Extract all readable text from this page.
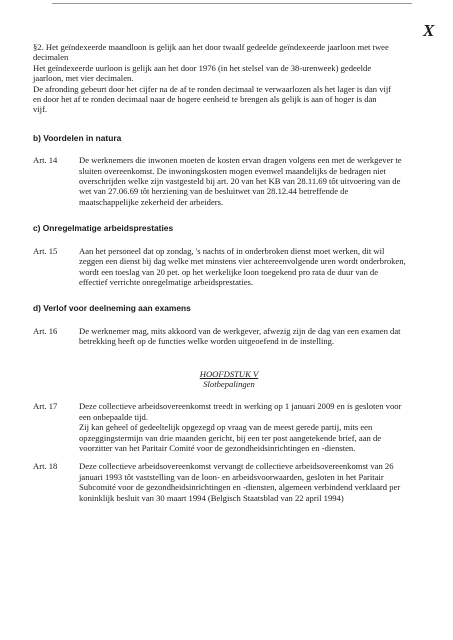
X

§2. Het geïndexeerde maandloon is gelijk aan het door twaalf gedeelde geïndexeerde jaarloon met twee

decimalen

Het geïndexeerde uurloon is gelijk aan het door 1976 (in het stelsel van de 38-urenweek) gedeelde

jaarloon, met vier decimalen.

De afronding gebeurt door het cijfer na de af te ronden decimaal te verwaarlozen als het lager is dan vijf

en door het af te ronden decimaal naar de hogere eenheid te brengen als gelijk is aan of hoger is dan

vijf.

b) Voordelen in natura

Art. 14	De werknemers die inwonen moeten de kosten ervan dragen volgens een met de werkgever te
sluiten overeenkomst. De inwoningskosten mogen evenwel maandelijks de bedragen niet
overschrijden welke zijn vastgesteld bij art. 20 van het KB van 28.11.69 tôt uitvoering van de
wet van 27.06.69 tôt herziening van de besluitwet van 28.12.44 betreffende de
maatschappelijke zekerheid der arbeiders.

c) Onregelmatige arbeidsprestaties

Art. 15	Aan het personeel dat op zondag, 's nachts of in onderbroken dienst moet werken, dit wil
zeggen een dienst bij dag welke met minstens vier achtereenvolgende uren wordt onderbroken,
wordt een toeslag van 20 pet. op het werkelijke loon toegekend pro rata de duur van de
effectief verrichte onregelmatige arbeidsprestaties.

d) Verlof voor deelneming aan examens

Art. 16	De werknemer mag, mits akkoord van de werkgever, afwezig zijn de dag van een examen dat
betrekking heeft op de functies welke worden uitgeoefend in de instelling.

HOOFDSTUK V

Slotbepalingen

Art. 17	Deze collectieve arbeidsovereenkomst treedt in werking op 1 januari 2009 en is gesloten voor
een onbepaalde tijd.
Zij kan geheel of gedeeltelijk opgezegd op vraag van de meest gerede partij, mits een
opzeggingstermijn van drie maanden gericht, bij een ter post aangetekende brief, aan de
voorzitter van het Paritair Comité voor de gezondheidsinrichtingen en -diensten.
Art. 18	Deze collectieve arbeidsovereenkomst vervangt de collectieve arbeidsovereenkomst van 26
januari 1993 tôt vaststelling van de loon- en arbeidsvoorwaarden, gesloten in het Paritair
Subcomité voor de gezondheidsinrichtingen en -diensten, algemeen verbindend verklaard per
koninklijk besluit van 30 maart 1994 (Belgisch Staatsblad van 22 april 1994)
